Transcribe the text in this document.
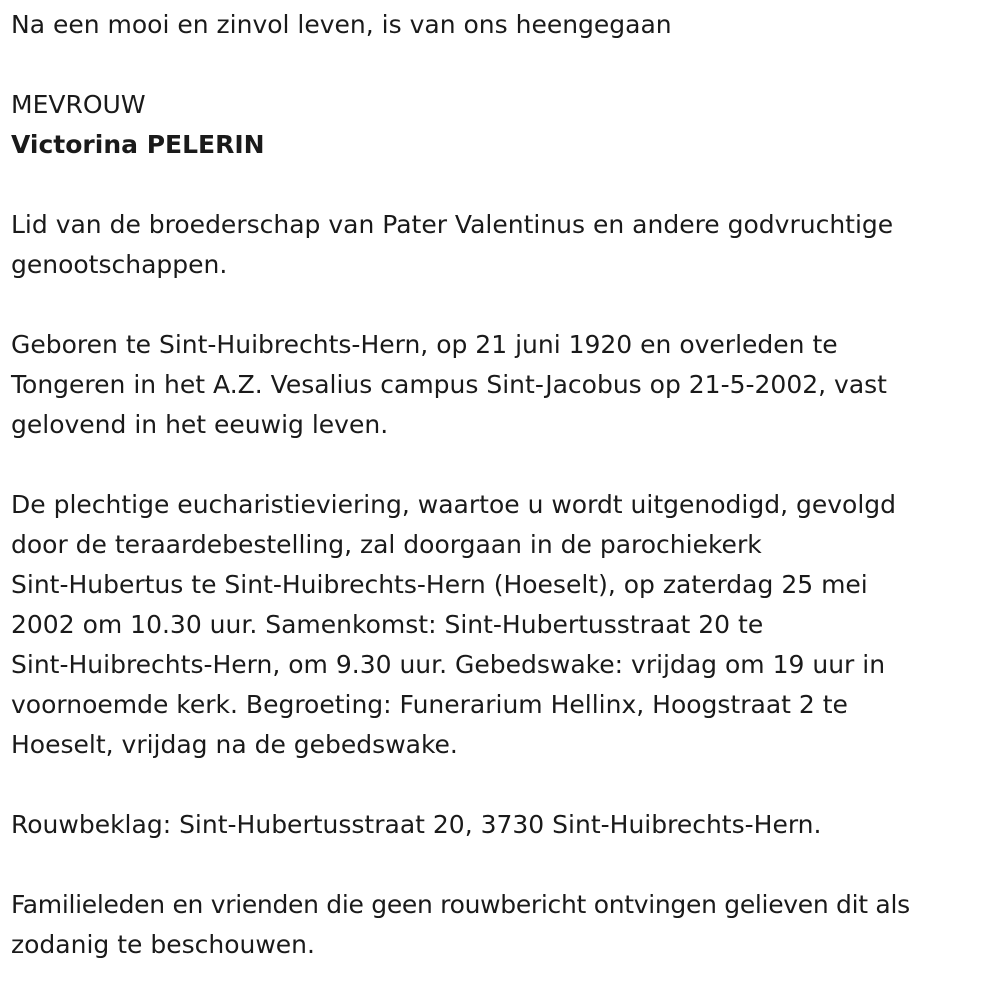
Na een mooi en zinvol leven, is van ons heengegaan

MEVROUW

Victorina PELERIN

Lid van de broederschap van Pater Valentinus en andere godvruchtige

genootschappen.

Geboren te Sint-Huibrechts-Hern, op 21 juni 1920 en overleden te

Tongeren in het A.Z. Vesalius campus Sint-Jacobus op 21-5-2002, vast

gelovend in het eeuwig leven.

De plechtige eucharistieviering, waartoe u wordt uitgenodigd, gevolgd

door de teraardebestelling, zal doorgaan in de parochiekerk

Sint-Hubertus te Sint-Huibrechts-Hern (Hoeselt), op zaterdag 25 mei

2002 om 10.30 uur. Samenkomst: Sint-Hubertusstraat 20 te

Sint-Huibrechts-Hern, om 9.30 uur. Gebedswake: vrijdag om 19 uur in

voornoemde kerk. Begroeting: Funerarium Hellinx, Hoogstraat 2 te

Hoeselt, vrijdag na de gebedswake.

Rouwbeklag: Sint-Hubertusstraat 20, 3730 Sint-Huibrechts-Hern.

Familieleden en vrienden die geen rouwbericht ontvingen gelieven dit als

zodanig te beschouwen.
